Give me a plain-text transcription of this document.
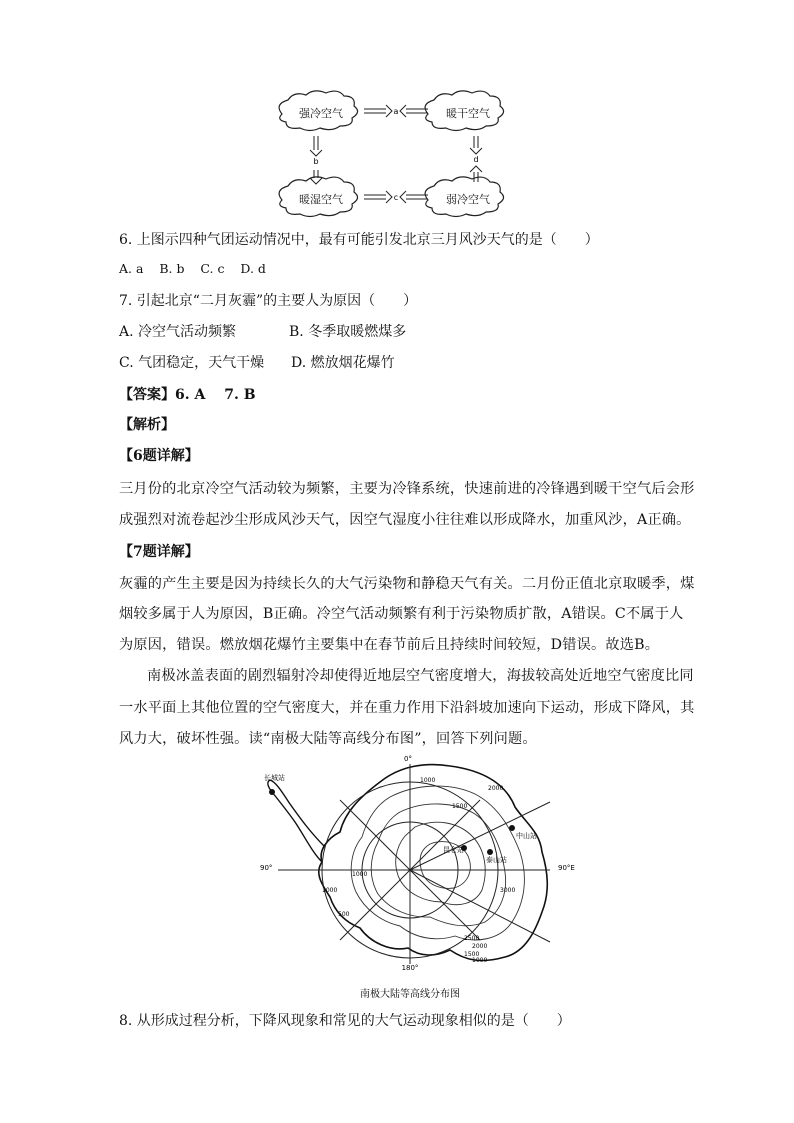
强冷空气	暖干空气
暖湿空气	弱冷空气
a
c
b	d
6. 上图示四种气团运动情况中，最有可能引发北京三月风沙天气的是（　　）
A. a B. b C. c D. d
7. 引起北京“二月灰霾”的主要人为原因（　　）
A. 冷空气活动频繁	B. 冬季取暖燃煤多
C. 气团稳定，天气干燥 D. 燃放烟花爆竹
【答案】6. A　 7. B
【解析】
【6题详解】
三月份的北京冷空气活动较为频繁，主要为冷锋系统，快速前进的冷锋遇到暖干空气后会形
成强烈对流卷起沙尘形成风沙天气，因空气湿度小往往难以形成降水，加重风沙，A正确。
【7题详解】
灰霾的产生主要是因为持续长久的大气污染物和静稳天气有关。二月份正值北京取暖季，煤
烟较多属于人为原因，B正确。冷空气活动频繁有利于污染物质扩散，A错误。C不属于人
为原因，错误。燃放烟花爆竹主要集中在春节前后且持续时间较短，D错误。故选B。
南极冰盖表面的剧烈辐射冷却使得近地层空气密度增大，海拔较高处近地空气密度比同
一水平面上其他位置的空气密度大，并在重力作用下沿斜坡加速向下运动，形成下降风，其
风力大，破坏性强。读“南极大陆等高线分布图”，回答下列问题。
0°
90°	90°E
180°
长城站
中山站
昆仑站
泰山站
1000
2000
1500
1000
3000
1000
2500
2000
1500
1000
500
南极大陆等高线分布图
8. 从形成过程分析，下降风现象和常见的大气运动现象相似的是（　　）
